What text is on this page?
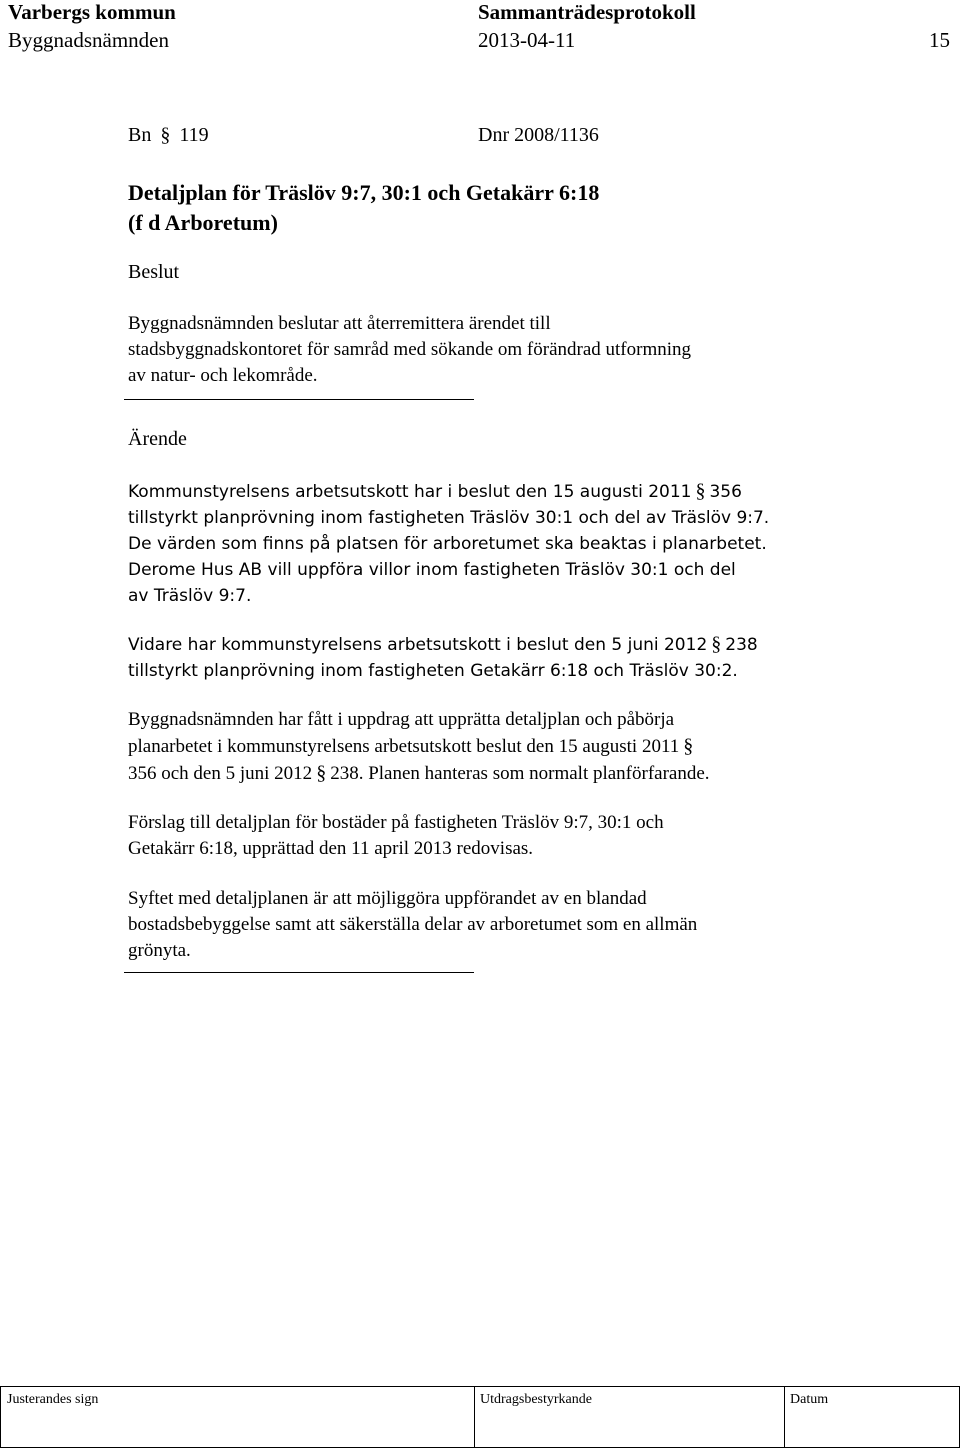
Varbergs kommun	Sammanträdesprotokoll
Byggnadsnämnden	2013-04-11	15
Bn § 119	Dnr 2008/1136
Detaljplan för Träslöv 9:7, 30:1 och Getakärr 6:18
(f d Arboretum)
Beslut
Byggnadsnämnden beslutar att återremittera ärendet till
stadsbyggnadskontoret för samråd med sökande om förändrad utformning
av natur- och lekområde.
Ärende
Kommunstyrelsens arbetsutskott har i beslut den 15 augusti 2011 § 356
tillstyrkt planprövning inom fastigheten Träslöv 30:1 och del av Träslöv 9:7.
De värden som finns på platsen för arboretumet ska beaktas i planarbetet.
Derome Hus AB vill uppföra villor inom fastigheten Träslöv 30:1 och del
av Träslöv 9:7.
Vidare har kommunstyrelsens arbetsutskott i beslut den 5 juni 2012 § 238
tillstyrkt planprövning inom fastigheten Getakärr 6:18 och Träslöv 30:2.
Byggnadsnämnden har fått i uppdrag att upprätta detaljplan och påbörja
planarbetet i kommunstyrelsens arbetsutskott beslut den 15 augusti 2011 §
356 och den 5 juni 2012 § 238. Planen hanteras som normalt planförfarande.
Förslag till detaljplan för bostäder på fastigheten Träslöv 9:7, 30:1 och
Getakärr 6:18, upprättad den 11 april 2013 redovisas.
Syftet med detaljplanen är att möjliggöra uppförandet av en blandad
bostadsbebyggelse samt att säkerställa delar av arboretumet som en allmän
grönyta.
Justerandes sign	Utdragsbestyrkande	Datum
